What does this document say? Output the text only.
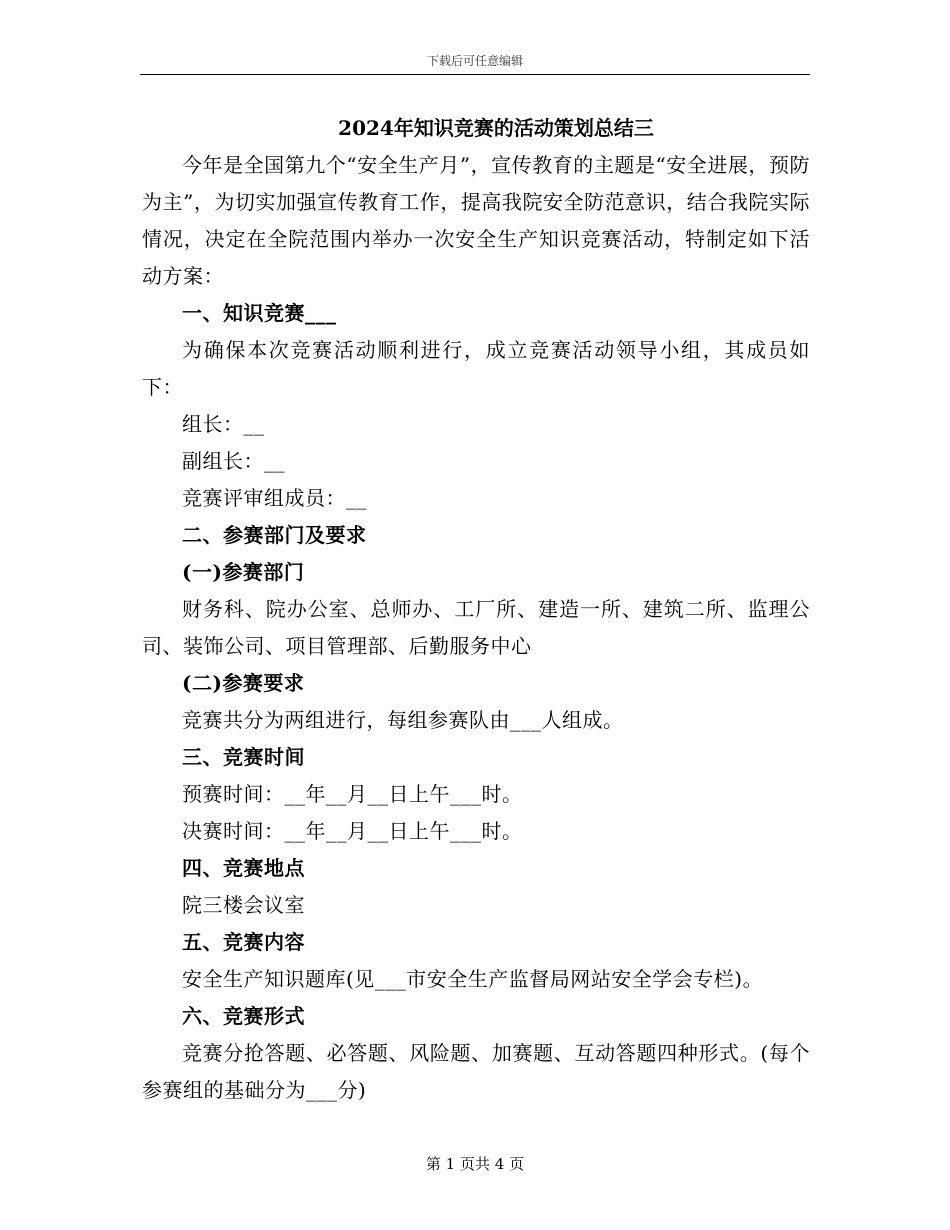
下载后可任意编辑
2024年知识竞赛的活动策划总结三
今年是全国第九个“安全生产月”，宣传教育的主题是“安全进展，预防为主”，为切实加强宣传教育工作，提高我院安全防范意识，结合我院实际情况，决定在全院范围内举办一次安全生产知识竞赛活动，特制定如下活动方案：
一、知识竞赛___
为确保本次竞赛活动顺利进行，成立竞赛活动领导小组，其成员如下：
组长：__
副组长：__
竞赛评审组成员：__
二、参赛部门及要求
(一)参赛部门
财务科、院办公室、总师办、工厂所、建造一所、建筑二所、监理公司、装饰公司、项目管理部、后勤服务中心
(二)参赛要求
竞赛共分为两组进行，每组参赛队由___人组成。
三、竞赛时间
预赛时间：__年__月__日上午___时。
决赛时间：__年__月__日上午___时。
四、竞赛地点
院三楼会议室
五、竞赛内容
安全生产知识题库(见___市安全生产监督局网站安全学会专栏)。
六、竞赛形式
竞赛分抢答题、必答题、风险题、加赛题、互动答题四种形式。(每个参赛组的基础分为___分)
第 1 页共 4 页
